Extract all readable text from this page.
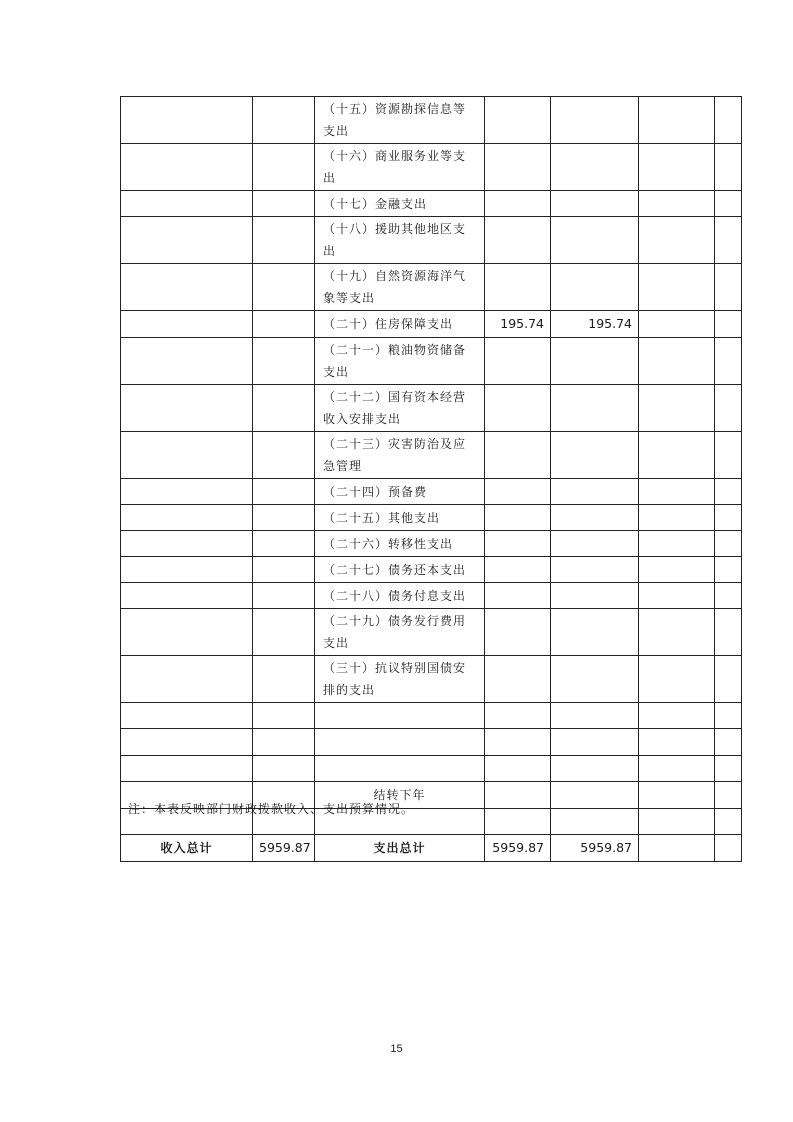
		（十五）资源勘探信息等支出				
		（十六）商业服务业等支出				
		（十七）金融支出				
		（十八）援助其他地区支出				
		（十九）自然资源海洋气象等支出				
		（二十）住房保障支出	195.74	195.74		
		（二十一）粮油物资储备支出				
		（二十二）国有资本经营收入安排支出				
		（二十三）灾害防治及应急管理				
		（二十四）预备费				
		（二十五）其他支出				
		（二十六）转移性支出				
		（二十七）债务还本支出				
		（二十八）债务付息支出				
		（二十九）债务发行费用支出				
		（三十）抗议特别国债安排的支出				

		结转下年				

收入总计	5959.87	支出总计	5959.87	5959.87		
注：本表反映部门财政拨款收入、支出预算情况。
15
